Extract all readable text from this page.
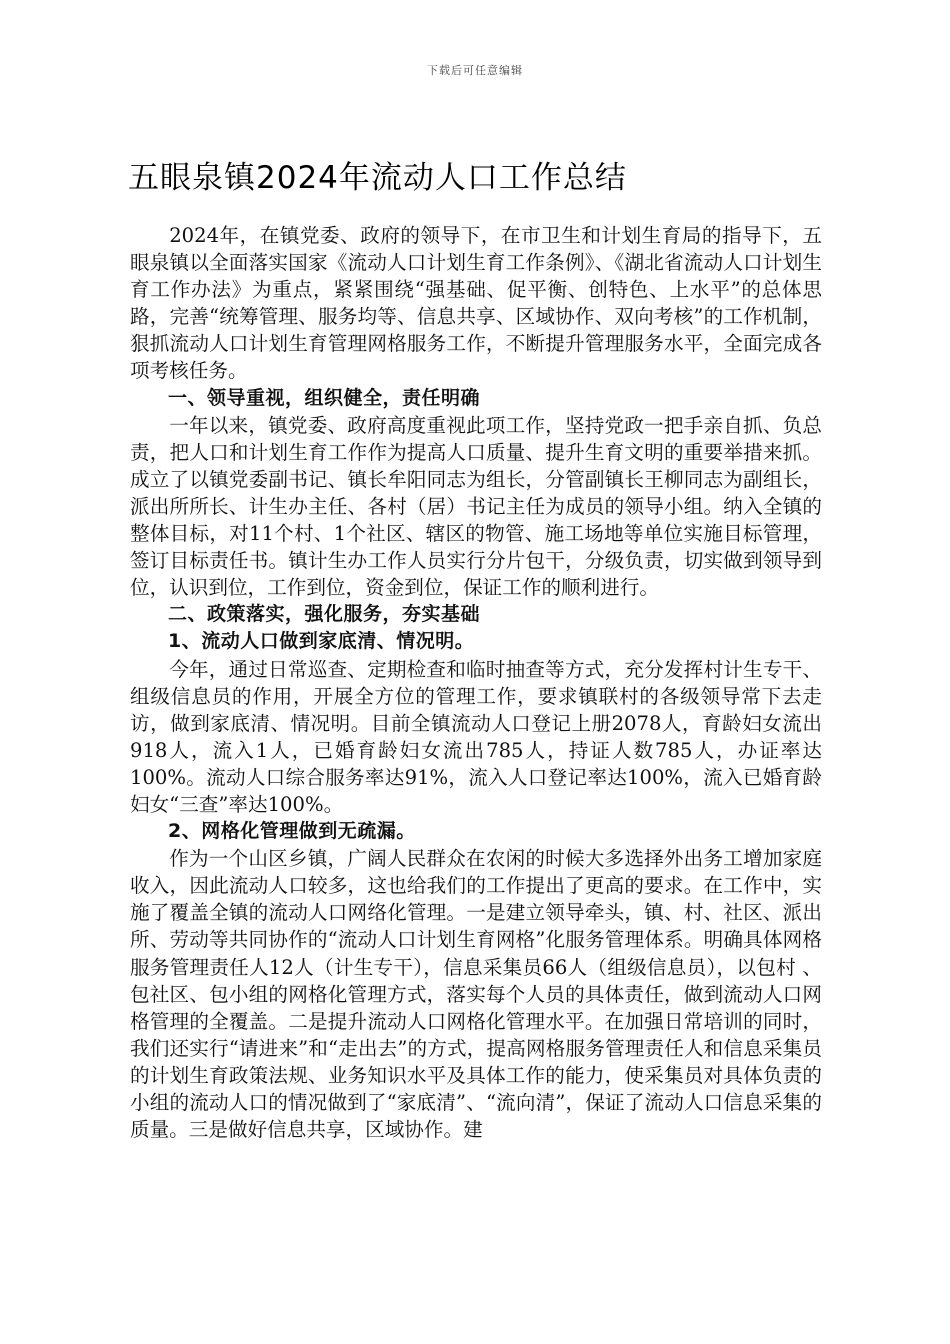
下载后可任意编辑
五眼泉镇2024年流动人口工作总结

2024年，在镇党委、政府的领导下，在市卫生和计划生育局的指导下，五眼泉镇以全面落实国家《流动人口计划生育工作条例》、《湖北省流动人口计划生育工作办法》为重点，紧紧围绕“强基础、促平衡、创特色、上水平”的总体思路，完善“统筹管理、服务均等、信息共享、区域协作、双向考核”的工作机制，狠抓流动人口计划生育管理网格服务工作，不断提升管理服务水平，全面完成各项考核任务。

一、领导重视，组织健全，责任明确

一年以来，镇党委、政府高度重视此项工作，坚持党政一把手亲自抓、负总责，把人口和计划生育工作作为提高人口质量、提升生育文明的重要举措来抓。成立了以镇党委副书记、镇长牟阳同志为组长，分管副镇长王柳同志为副组长，派出所所长、计生办主任、各村（居）书记主任为成员的领导小组。纳入全镇的整体目标，对11个村、1个社区、辖区的物管、施工场地等单位实施目标管理，签订目标责任书。镇计生办工作人员实行分片包干，分级负责，切实做到领导到位，认识到位，工作到位，资金到位，保证工作的顺利进行。

二、政策落实，强化服务，夯实基础

1、流动人口做到家底清、情况明。

今年，通过日常巡查、定期检查和临时抽查等方式，充分发挥村计生专干、组级信息员的作用，开展全方位的管理工作，要求镇联村的各级领导常下去走访，做到家底清、情况明。目前全镇流动人口登记上册2078人，育龄妇女流出918人，流入1人，已婚育龄妇女流出785人，持证人数785人，办证率达100%。流动人口综合服务率达91%，流入人口登记率达100%，流入已婚育龄妇女“三查”率达100%。

2、网格化管理做到无疏漏。

作为一个山区乡镇，广阔人民群众在农闲的时候大多选择外出务工增加家庭收入，因此流动人口较多，这也给我们的工作提出了更高的要求。在工作中，实施了覆盖全镇的流动人口网络化管理。一是建立领导牵头，镇、村、社区、派出所、劳动等共同协作的“流动人口计划生育网格”化服务管理体系。明确具体网格服务管理责任人12人（计生专干），信息采集员66人（组级信息员），以包村 、包社区、包小组的网格化管理方式，落实每个人员的具体责任，做到流动人口网格管理的全覆盖。二是提升流动人口网格化管理水平。在加强日常培训的同时，我们还实行“请进来”和“走出去”的方式，提高网格服务管理责任人和信息采集员的计划生育政策法规、业务知识水平及具体工作的能力，使采集员对具体负责的小组的流动人口的情况做到了“家底清”、“流向清”，保证了流动人口信息采集的质量。三是做好信息共享，区域协作。建
